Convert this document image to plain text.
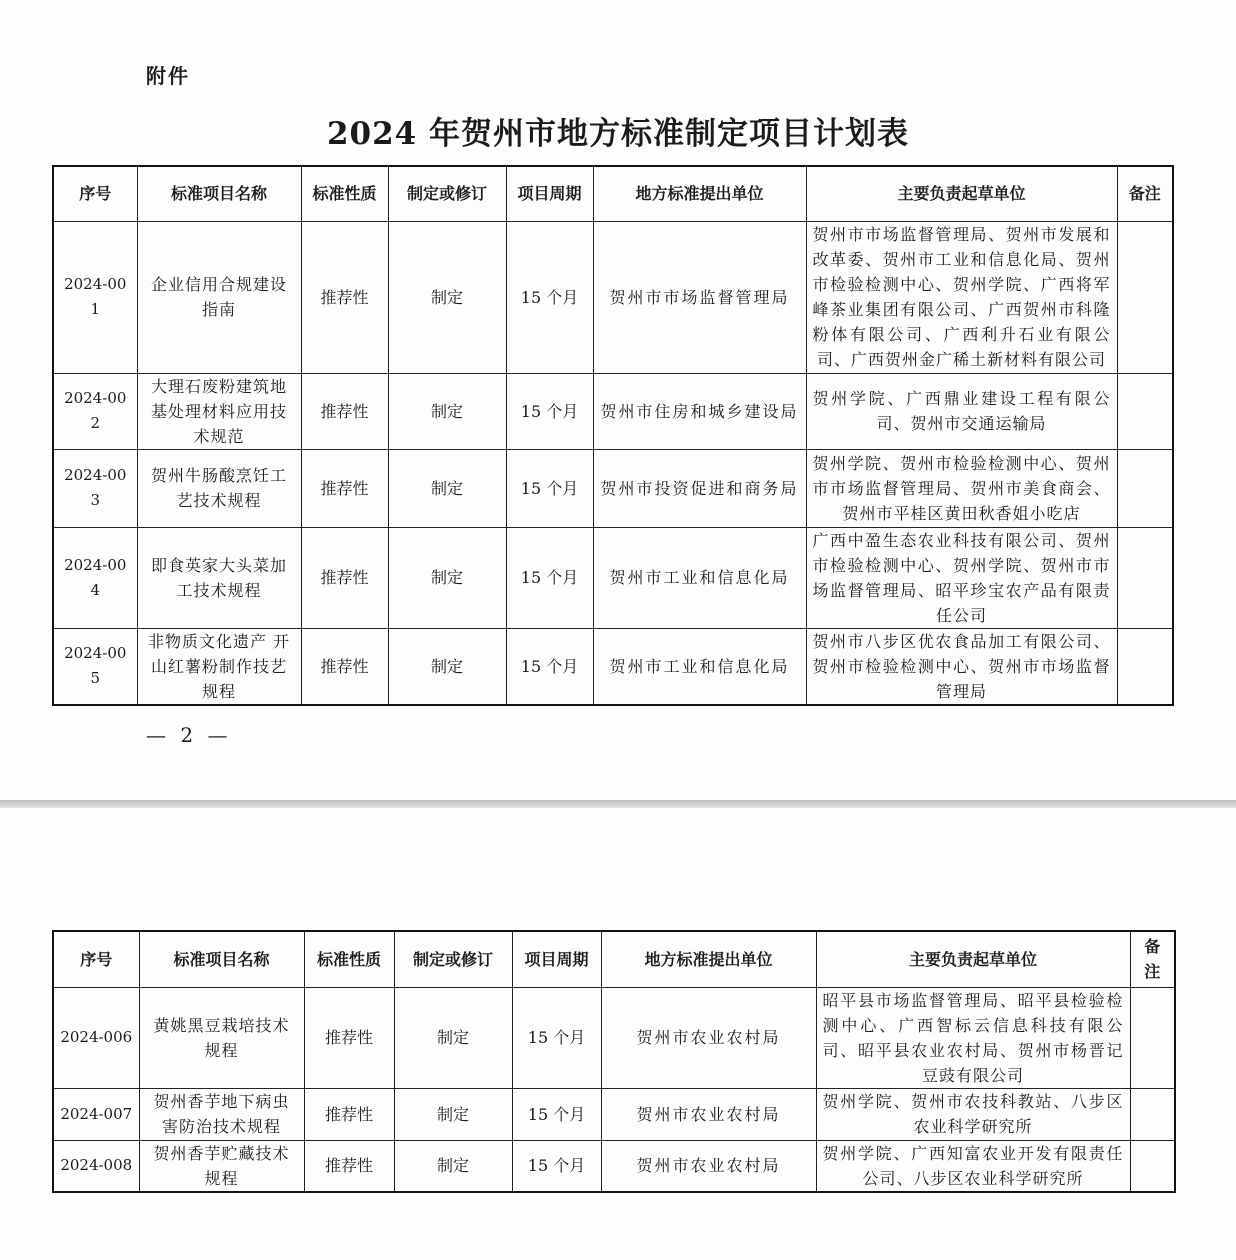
附件
2024 年贺州市地方标准制定项目计划表
序号	标准项目名称	标准性质	制定或修订	项目周期	地方标准提出单位	主要负责起草单位	备注
2024-001	企业信用合规建设指南	推荐性	制定	15 个月	贺州市市场监督管理局	贺州市市场监督管理局、贺州市发展和改革委、贺州市工业和信息化局、贺州市检验检测中心、贺州学院、广西将军峰茶业集团有限公司、广西贺州市科隆粉体有限公司、广西利升石业有限公司、广西贺州金广稀土新材料有限公司	
2024-002	大理石废粉建筑地基处理材料应用技术规范	推荐性	制定	15 个月	贺州市住房和城乡建设局	贺州学院、广西鼎业建设工程有限公司、贺州市交通运输局	
2024-003	贺州牛肠酸烹饪工艺技术规程	推荐性	制定	15 个月	贺州市投资促进和商务局	贺州学院、贺州市检验检测中心、贺州市市场监督管理局、贺州市美食商会、贺州市平桂区黄田秋香姐小吃店	
2024-004	即食英家大头菜加工技术规程	推荐性	制定	15 个月	贺州市工业和信息化局	广西中盈生态农业科技有限公司、贺州市检验检测中心、贺州学院、贺州市市场监督管理局、昭平珍宝农产品有限责任公司	
2024-005	非物质文化遗产 开山红薯粉制作技艺规程	推荐性	制定	15 个月	贺州市工业和信息化局	贺州市八步区优农食品加工有限公司、贺州市检验检测中心、贺州市市场监督管理局	
— 2 —
序号	标准项目名称	标准性质	制定或修订	项目周期	地方标准提出单位	主要负责起草单位	备注
2024-006	黄姚黑豆栽培技术规程	推荐性	制定	15 个月	贺州市农业农村局	昭平县市场监督管理局、昭平县检验检测中心、广西智标云信息科技有限公司、昭平县农业农村局、贺州市杨晋记豆豉有限公司	
2024-007	贺州香芋地下病虫害防治技术规程	推荐性	制定	15 个月	贺州市农业农村局	贺州学院、贺州市农技科教站、八步区农业科学研究所	
2024-008	贺州香芋贮藏技术规程	推荐性	制定	15 个月	贺州市农业农村局	贺州学院、广西知富农业开发有限责任公司、八步区农业科学研究所	
